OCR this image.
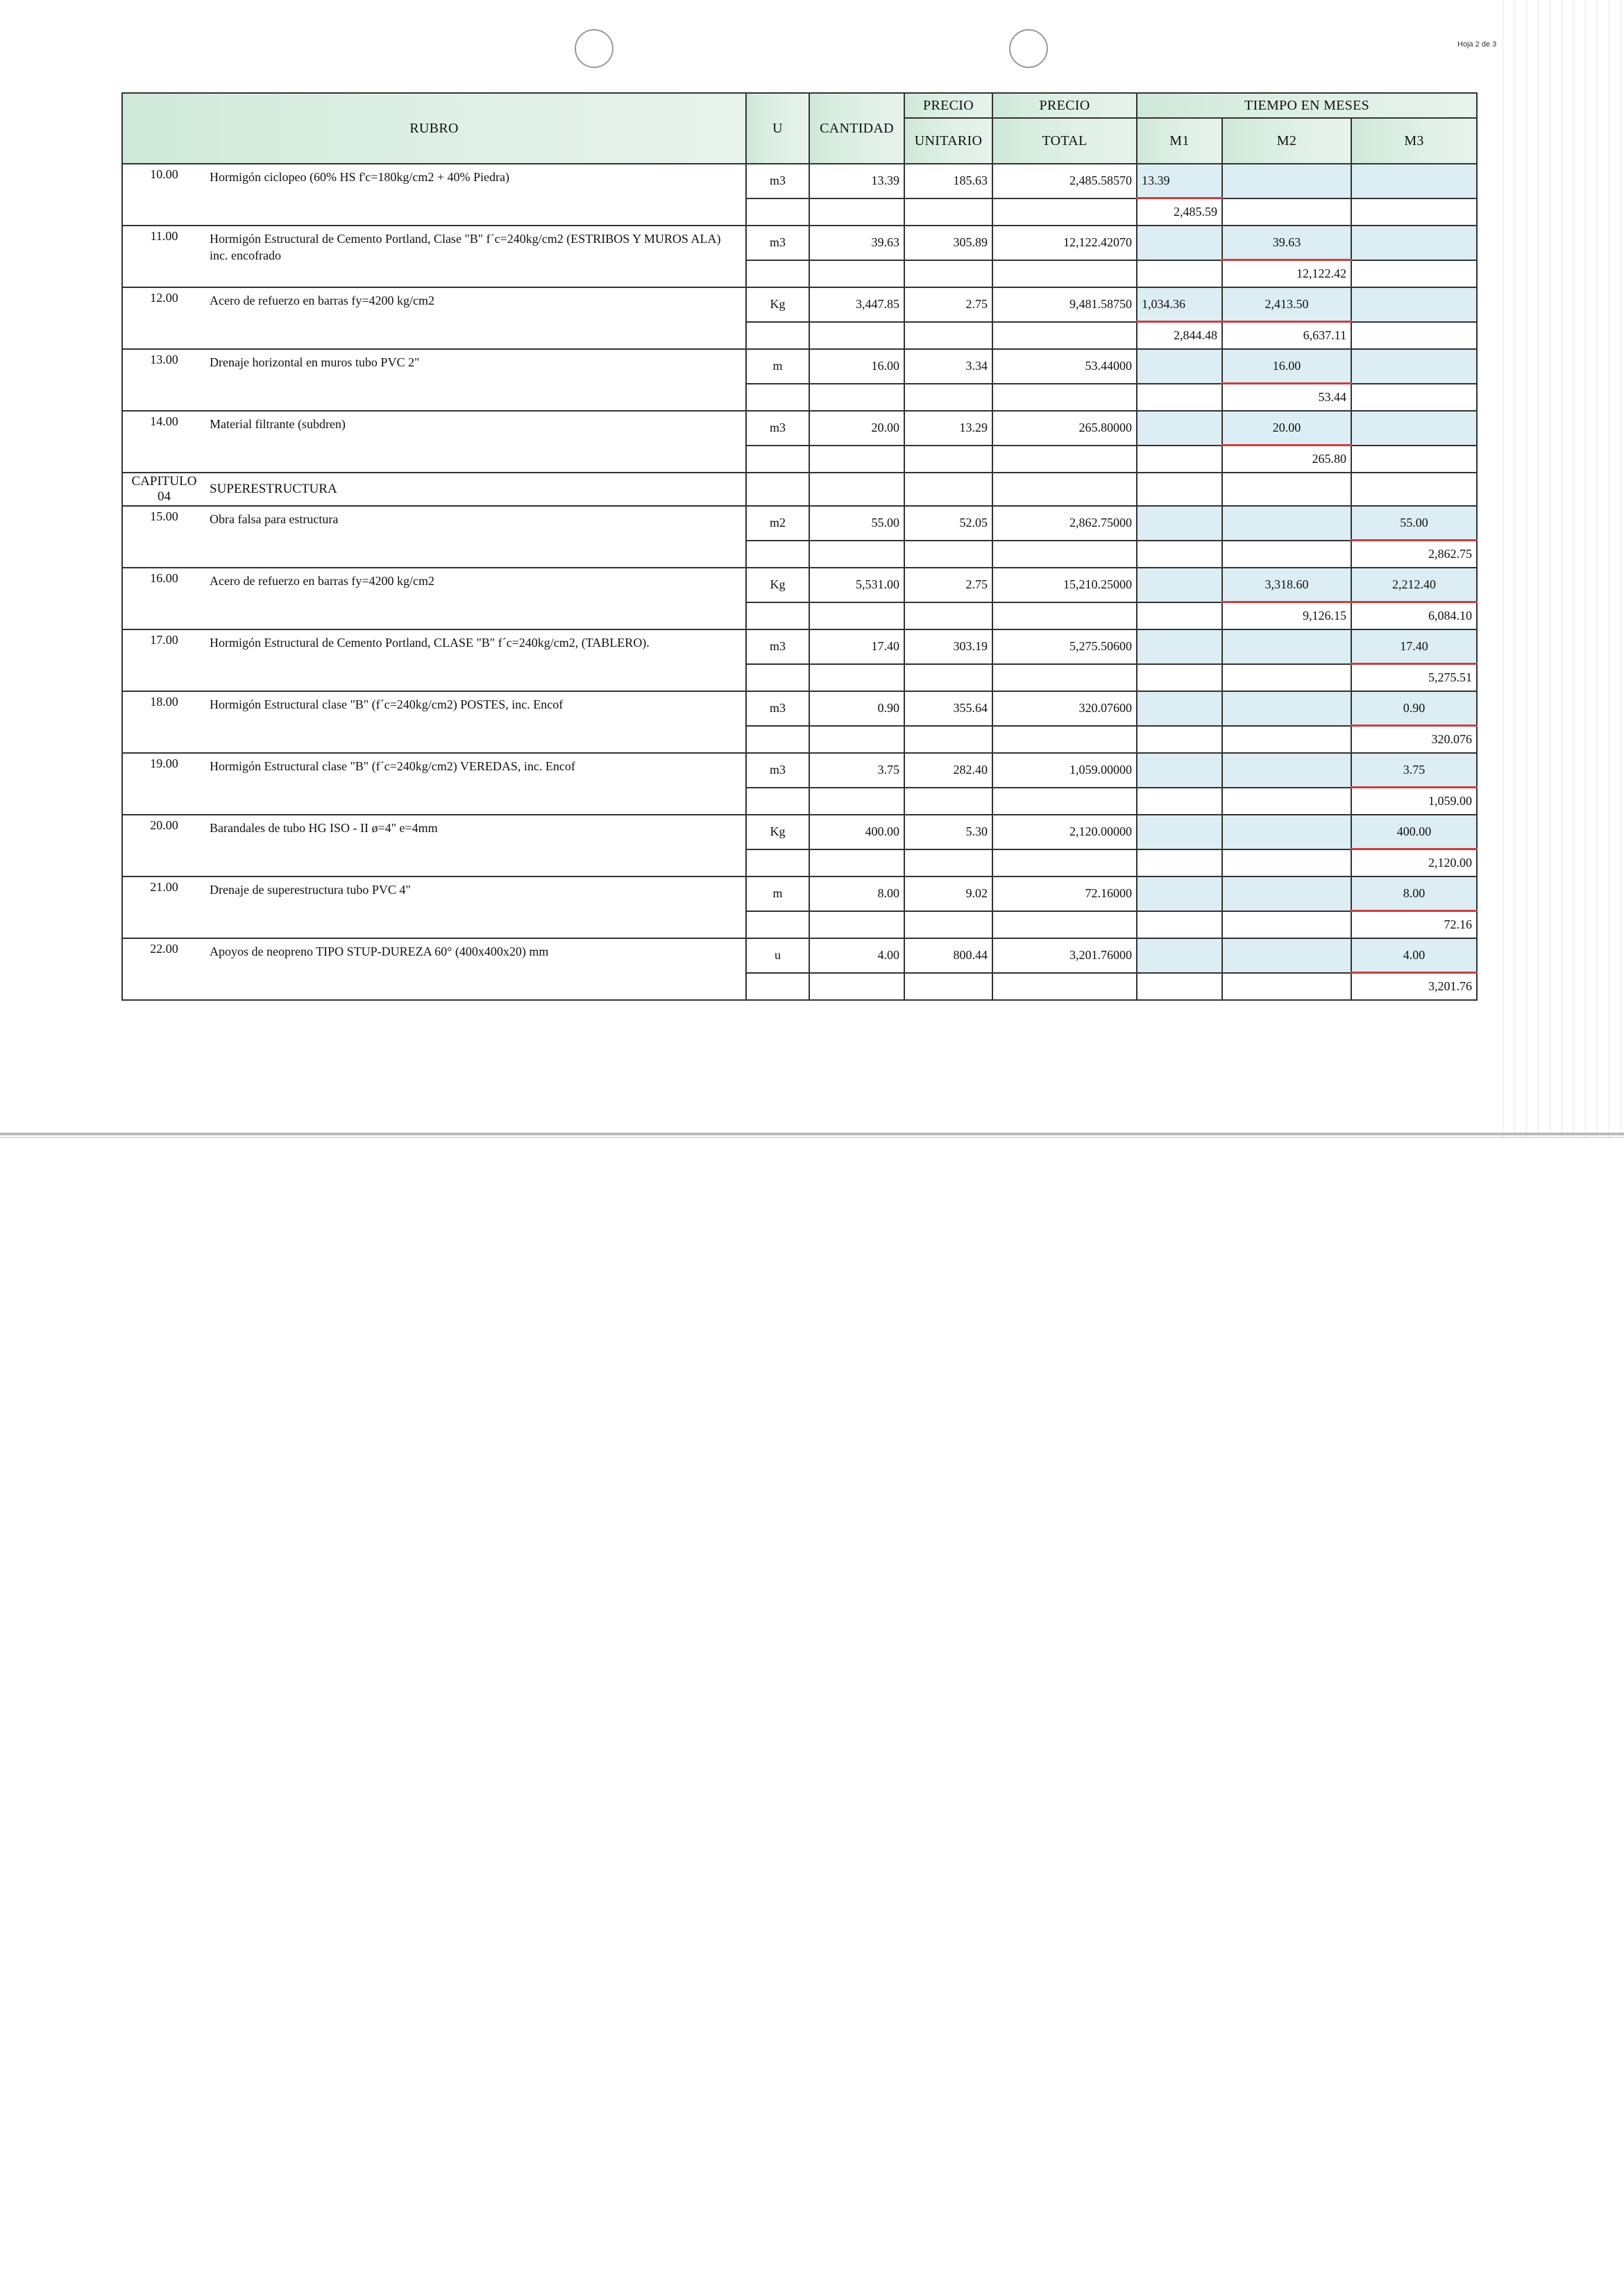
Hoja 2 de 3
RUBRO		U	CANTIDAD	PRECIO	PRECIO	TIEMPO EN MESES		
				UNITARIO	TOTAL	M1	M2	M3
10.00	Hormigón ciclopeo (60% HS f'c=180kg/cm2 + 40% Piedra)	m3	13.39	185.63	2,485.58570	13.39		
						2,485.59		
11.00	Hormigón Estructural de Cemento Portland, Clase "B" f´c=240kg/cm2 (ESTRIBOS Y MUROS ALA) inc. encofrado	m3	39.63	305.89	12,122.42070		39.63	
							12,122.42	
12.00	Acero de refuerzo en barras fy=4200 kg/cm2	Kg	3,447.85	2.75	9,481.58750	1,034.36	2,413.50	
						2,844.48	6,637.11	
13.00	Drenaje horizontal en muros tubo PVC 2"	m	16.00	3.34	53.44000		16.00	
							53.44	
14.00	Material filtrante (subdren)	m3	20.00	13.29	265.80000		20.00	
							265.80	
CAPITULO 04	SUPERESTRUCTURA							
15.00	Obra falsa para estructura	m2	55.00	52.05	2,862.75000			55.00
								2,862.75
16.00	Acero de refuerzo en barras fy=4200 kg/cm2	Kg	5,531.00	2.75	15,210.25000		3,318.60	2,212.40
							9,126.15	6,084.10
17.00	Hormigón Estructural de Cemento Portland, CLASE "B" f´c=240kg/cm2, (TABLERO).	m3	17.40	303.19	5,275.50600			17.40
								5,275.51
18.00	Hormigón Estructural clase "B" (f´c=240kg/cm2) POSTES, inc. Encof	m3	0.90	355.64	320.07600			0.90
								320.076
19.00	Hormigón Estructural clase "B" (f´c=240kg/cm2) VEREDAS, inc. Encof	m3	3.75	282.40	1,059.00000			3.75
								1,059.00
20.00	Barandales de tubo HG ISO - II ø=4" e=4mm	Kg	400.00	5.30	2,120.00000			400.00
								2,120.00
21.00	Drenaje de superestructura tubo PVC 4"	m	8.00	9.02	72.16000			8.00
								72.16
22.00	Apoyos de neopreno TIPO STUP-DUREZA 60° (400x400x20) mm	u	4.00	800.44	3,201.76000			4.00
								3,201.76
